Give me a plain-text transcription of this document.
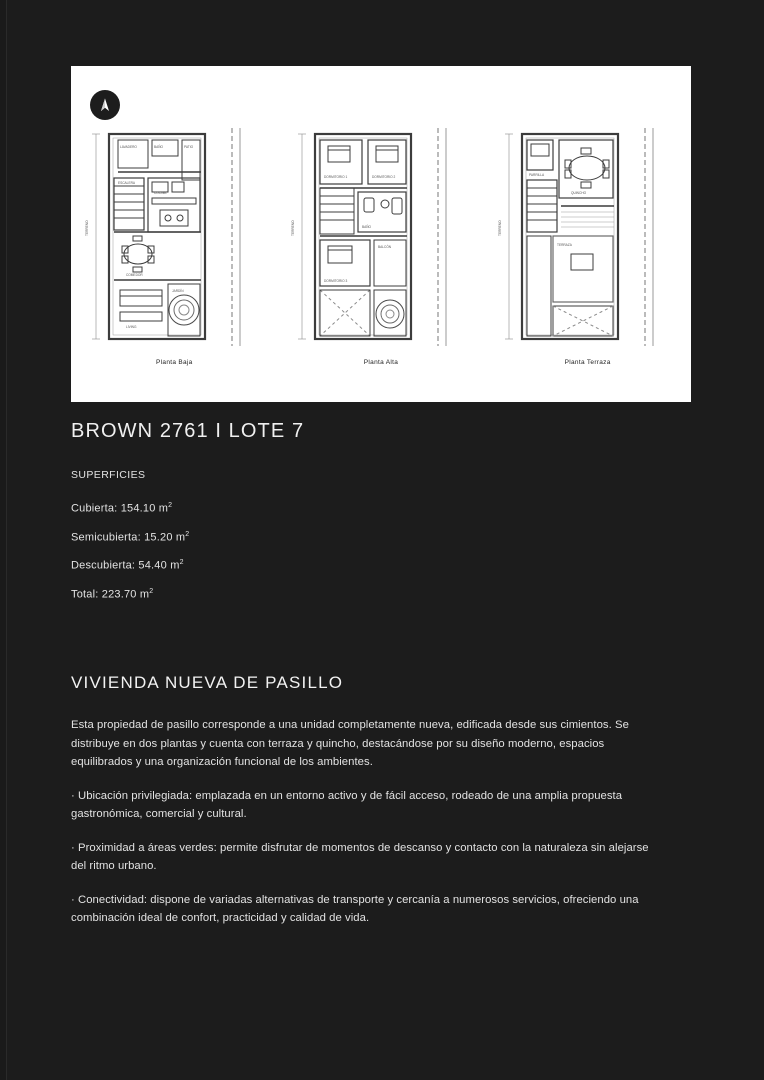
LAVADERO	BAÑO	PATIO
COCINA
ESCALERA
COMEDOR
LIVING
JARDÍN
TERRENO
Planta Baja
DORMITORIO 1	DORMITORIO 2
BAÑO
DORMITORIO 3
BALCÓN
TERRENO
Planta Alta
PARRILLA
QUINCHO
TERRAZA
TERRENO
Planta Terraza
BROWN 2761 I LOTE 7
SUPERFICIES
Cubierta: 154.10 $m^2$
Semicubierta: 15.20 $m^2$
Descubierta: 54.40 $m^2$
Total: 223.70 $m^2$
VIVIENDA NUEVA DE PASILLO

Esta propiedad de pasillo corresponde a una unidad completamente nueva, edificada desde sus cimientos. Se distribuye en dos plantas y cuenta con terraza y quincho, destacándose por su diseño moderno, espacios equilibrados y una organización funcional de los ambientes.

· Ubicación privilegiada: emplazada en un entorno activo y de fácil acceso, rodeado de una amplia propuesta gastronómica, comercial y cultural.

· Proximidad a áreas verdes: permite disfrutar de momentos de descanso y contacto con la naturaleza sin alejarse del ritmo urbano.

· Conectividad: dispone de variadas alternativas de transporte y cercanía a numerosos servicios, ofreciendo una combinación ideal de confort, practicidad y calidad de vida.
